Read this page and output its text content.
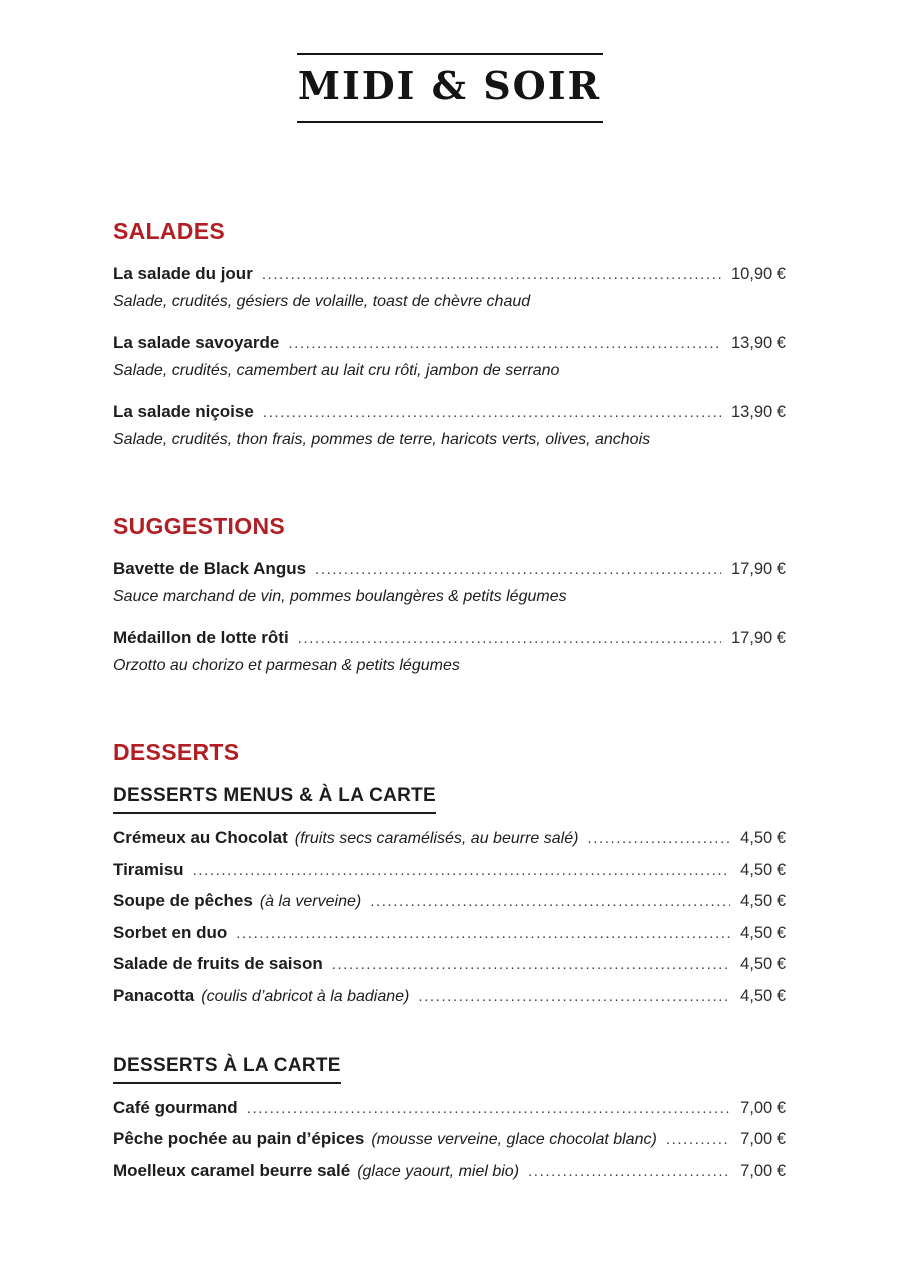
MIDI & SOIR
SALADES
La salade du jour .....	10,90 €
Salade, crudités, gésiers de volaille, toast de chèvre chaud
La salade savoyarde .....	13,90 €
Salade, crudités, camembert au lait cru rôti, jambon de serrano
La salade niçoise .....	13,90 €
Salade, crudités, thon frais, pommes de terre, haricots verts, olives, anchois
SUGGESTIONS
Bavette de Black Angus .....	17,90 €
Sauce marchand de vin, pommes boulangères & petits légumes
Médaillon de lotte rôti .....	17,90 €
Orzotto au chorizo et parmesan & petits légumes
DESSERTS
DESSERTS MENUS & À LA CARTE
Crémeux au Chocolat (fruits secs caramélisés, au beurre salé) .....	4,50 €
Tiramisu .....	4,50 €
Soupe de pêches (à la verveine) .....	4,50 €
Sorbet en duo .....	4,50 €
Salade de fruits de saison .....	4,50 €
Panacotta (coulis d’abricot à la badiane) .....	4,50 €
DESSERTS À LA CARTE
Café gourmand .....	7,00 €
Pêche pochée au pain d’épices (mousse verveine, glace chocolat blanc) .....	7,00 €
Moelleux caramel beurre salé (glace yaourt, miel bio) .....	7,00 €
